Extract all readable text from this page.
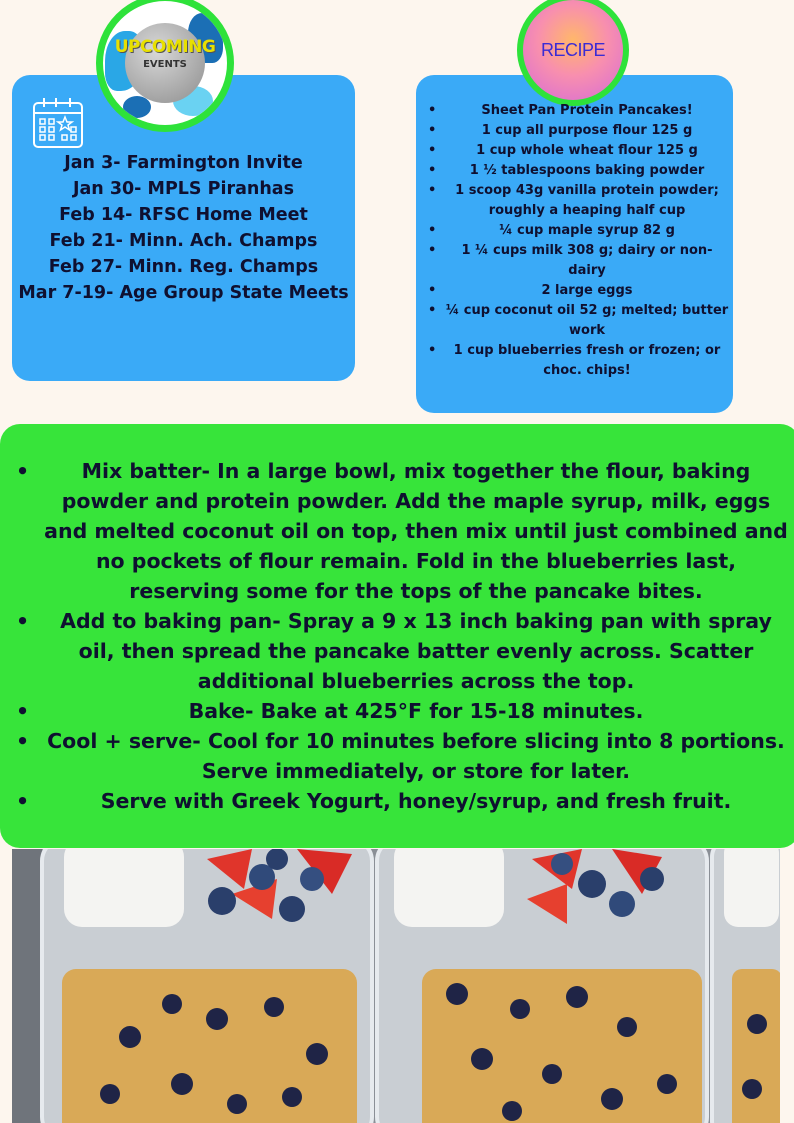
UPCOMING
EVENTS
Jan 3- Farmington Invite
Jan 30- MPLS Piranhas
Feb 14- RFSC Home Meet
Feb 21- Minn. Ach. Champs
Feb 27- Minn. Reg. Champs
Mar 7-19- Age Group State Meets
RECIPE
• Sheet Pan Protein Pancakes!
• 1 cup all purpose flour 125 g
• 1 cup whole wheat flour 125 g
• 1 ½ tablespoons baking powder
• 1 scoop 43g vanilla protein powder; roughly a heaping half cup
• ¼ cup maple syrup 82 g
• 1 ¼ cups milk 308 g; dairy or non-dairy
• 2 large eggs
• ¼ cup coconut oil 52 g; melted; butter work
• 1 cup blueberries fresh or frozen; or choc. chips!
• Mix batter- In a large bowl, mix together the flour, baking powder and protein powder. Add the maple syrup, milk, eggs and melted coconut oil on top, then mix until just combined and no pockets of flour remain. Fold in the blueberries last, reserving some for the tops of the pancake bites.
• Add to baking pan- Spray a 9 x 13 inch baking pan with spray oil, then spread the pancake batter evenly across. Scatter additional blueberries across the top.
• Bake- Bake at 425°F for 15-18 minutes.
• Cool + serve- Cool for 10 minutes before slicing into 8 portions. Serve immediately, or store for later.
• Serve with Greek Yogurt, honey/syrup, and fresh fruit.
